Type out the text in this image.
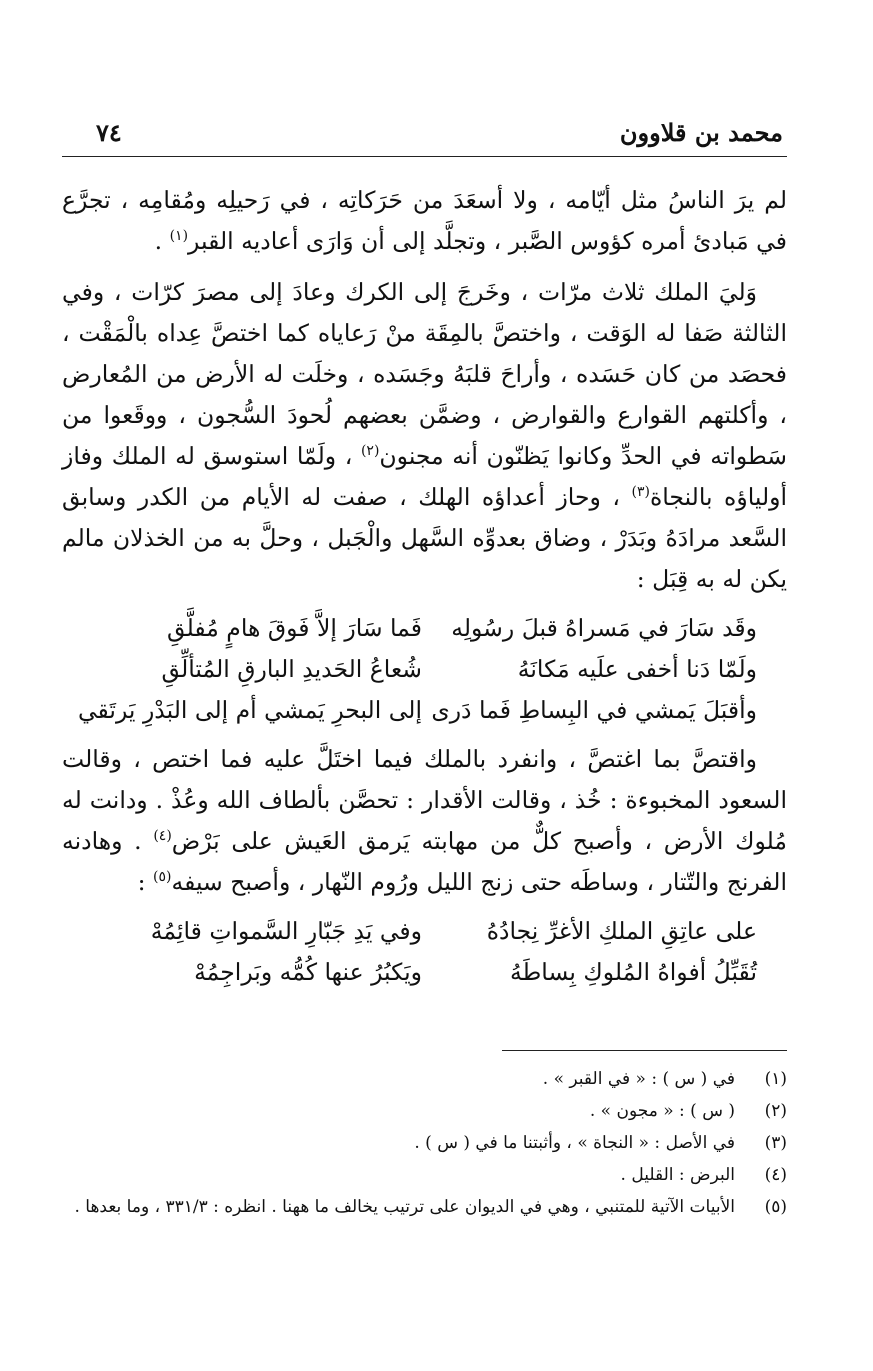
محمد بن قلاوون
٧٤

لم يرَ الناسُ مثل أيّامه ، ولا أسعَدَ من حَرَكاتِه ، في رَحيلِه ومُقامِه ، تجرَّع في مَبادئ أمره كؤوس الصَّبر ، وتجلَّد إلى أن وَارَى أعاديه القبر$^{(١)}$ .

وَليَ الملك ثلاث مرّات ، وخَرجَ إلى الكرك وعادَ إلى مصرَ كرّات ، وفي الثالثة صَفا له الوَقت ، واختصَّ بالمِقَة منْ رَعاياه كما اختصَّ عِداه بالْمَقْت ، فحصَد من كان حَسَده ، وأراحَ قلبَهُ وجَسَده ، وخلَت له الأرض من المُعارض ، وأكلتهم القوارع والقوارض ، وضمَّن بعضهم لُحودَ السُّجون ، ووقَعوا من سَطواته في الحدِّ وكانوا يَظنّون أنه مجنون$^{(٢)}$ ، ولَمّا استوسق له الملك وفاز أولياؤه بالنجاة$^{(٣)}$ ، وحاز أعداؤه الهلك ، صفت له الأيام من الكدر وسابق السَّعد مرادَهُ وبَدَرْ ، وضاق بعدوِّه السَّهل والْجَبل ، وحلَّ به من الخذلان مالم يكن له به قِبَل :

وقَد سَارَ في مَسراهُ قبلَ رسُولِه
فَما سَارَ إلاَّ فَوقَ هامٍ مُفلَّقِ
ولَمّا دَنا أخفى علَيه مَكانَهُ
شُعاعُ الحَديدِ البارقِ المُتألِّقِ
وأقبَلَ يَمشي في البِساطِ فَما دَرى
إلى البحرِ يَمشي أم إلى البَدْرِ يَرتَقي

واقتصَّ بما اغتصَّ ، وانفرد بالملك فيما اختَلَّ عليه فما اختص ، وقالت السعود المخبوءة : خُذ ، وقالت الأقدار : تحصَّن بألطاف الله وعُذْ . ودانت له مُلوك الأرض ، وأصبح كلٌّ من مهابته يَرمق العَيش على بَرْض$^{(٤)}$ . وهادنه الفرنج والتّتار ، وساطَه حتى زنج الليل ورُوم النّهار ، وأصبح سيفه$^{(٥)}$ :

على عاتِقِ الملكِ الأغرِّ نِجادُهُ
وفي يَدِ جَبّارِ السَّمواتِ قائِمُهْ
تُقَبِّلُ أفواهُ المُلوكِ بِساطَهُ
ويَكبُرُ عنها كُمُّه وبَراجِمُهْ
(١)
في ( س ) : « في القبر » .
(٢)
( س ) : « مجون » .
(٣)
في الأصل : « النجاة » ، وأثبتنا ما في ( س ) .
(٤)
البرض : القليل .
(٥)
الأبيات الآتية للمتنبي ، وهي في الديوان على ترتيب يخالف ما ههنا . انظره : ٣٣١/٣ ، وما بعدها .
